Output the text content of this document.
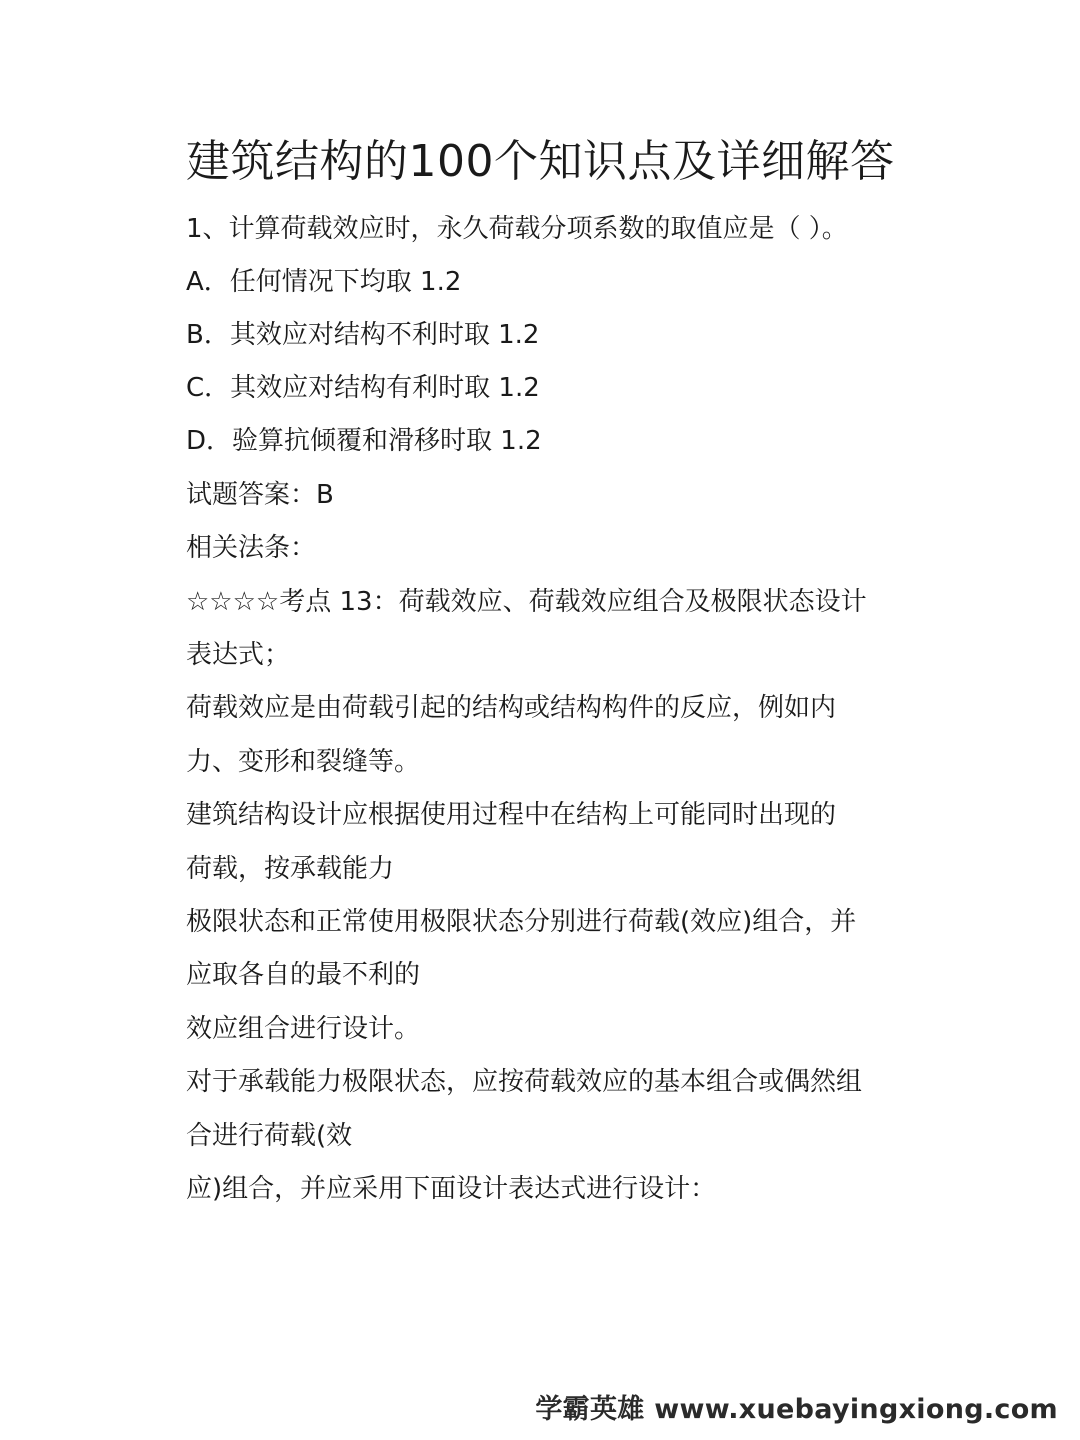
建筑结构的100个知识点及详细解答

1、计算荷载效应时，永久荷载分项系数的取值应是（ ）。

A．任何情况下均取 1.2

B．其效应对结构不利时取 1.2

C．其效应对结构有利时取 1.2

D．验算抗倾覆和滑移时取 1.2

试题答案：B

相关法条：

☆☆☆☆考点 13：荷载效应、荷载效应组合及极限状态设计

表达式；

荷载效应是由荷载引起的结构或结构构件的反应，例如内

力、变形和裂缝等。

建筑结构设计应根据使用过程中在结构上可能同时出现的

荷载，按承载能力

极限状态和正常使用极限状态分别进行荷载(效应)组合，并

应取各自的最不利的

效应组合进行设计。

对于承载能力极限状态，应按荷载效应的基本组合或偶然组

合进行荷载(效

应)组合，并应采用下面设计表达式进行设计：

学霸英雄 www.xuebayingxiong.com
